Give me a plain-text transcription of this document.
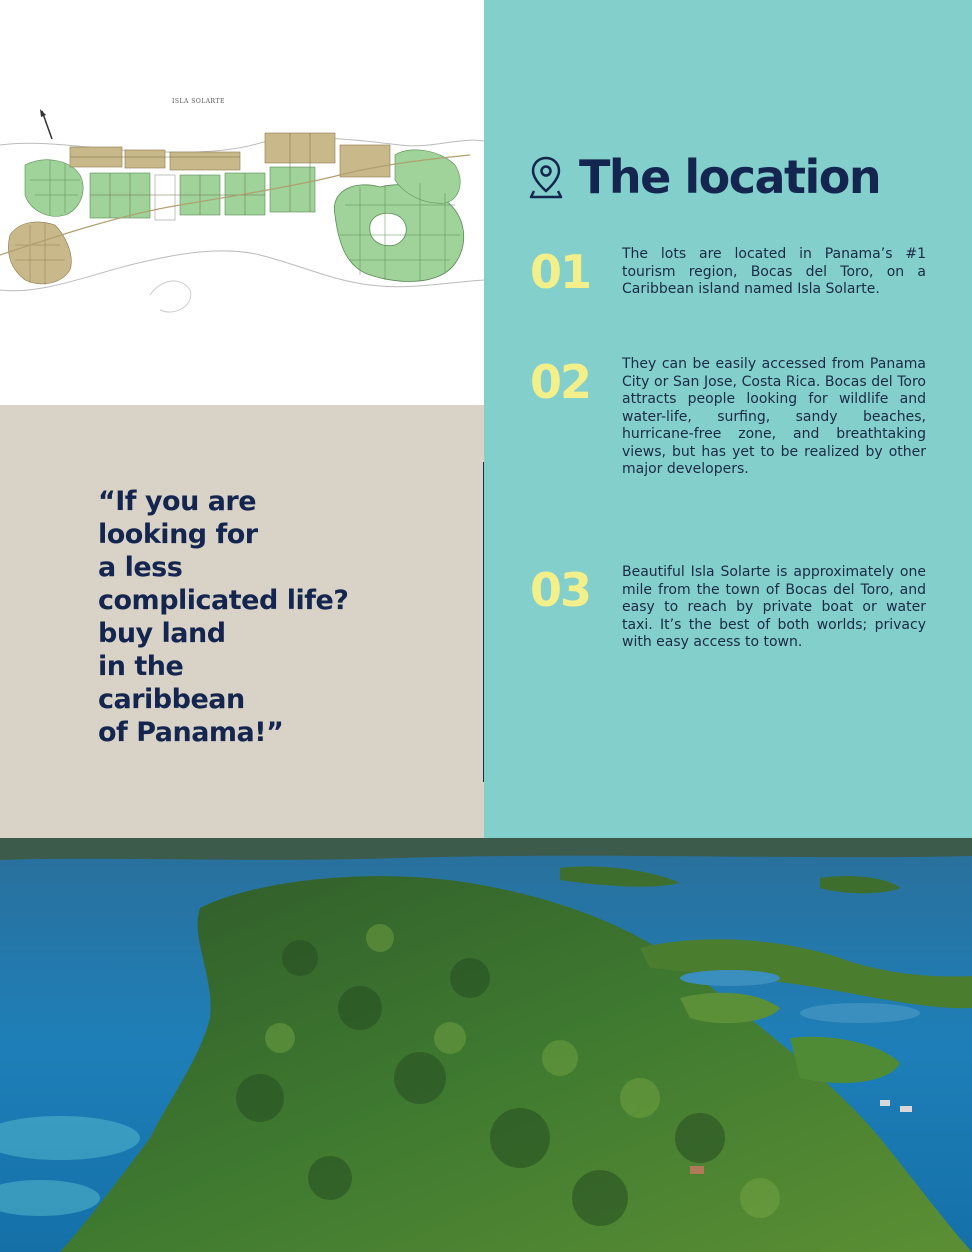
ISLA SOLARTE
“If you are
looking for
a less
complicated life?
buy land
in the
caribbean
of Panama!”
The location
01 The lots are located in Panama’s #1 tourism region, Bocas del Toro, on a Caribbean island named Isla Solarte.
02 They can be easily accessed from Panama City or San Jose, Costa Rica. Bocas del Toro attracts people looking for wildlife and water-life, surfing, sandy beaches, hurricane-free zone, and breathtaking views, but has yet to be realized by other major developers.
03 Beautiful Isla Solarte is approximately one mile from the town of Bocas del Toro, and easy to reach by private boat or water taxi. It’s the best of both worlds; privacy with easy access to town.
